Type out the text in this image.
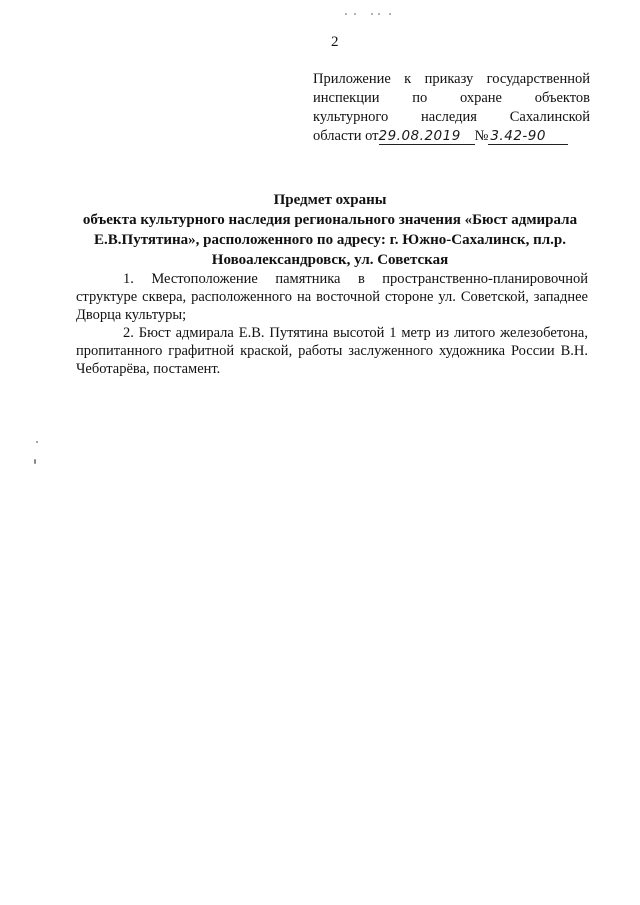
2
Приложение к приказу государственной
инспекции по охране объектов
культурного наследия Сахалинской
области от29.08.2019 № 3.42-90
Предмет охраны
объекта культурного наследия регионального значения «Бюст адмирала Е.В.Путятина», расположенного по адресу: г. Южно-Сахалинск, пл.р. Новоалександровск, ул. Советская

1. Местоположение памятника в пространственно-планировочной структуре сквера, расположенного на восточной стороне ул. Советской, западнее Дворца культуры;

2. Бюст адмирала Е.В. Путятина высотой 1 метр из литого железобетона, пропитанного графитной краской, работы заслуженного художника России В.Н. Чеботарёва, постамент.
